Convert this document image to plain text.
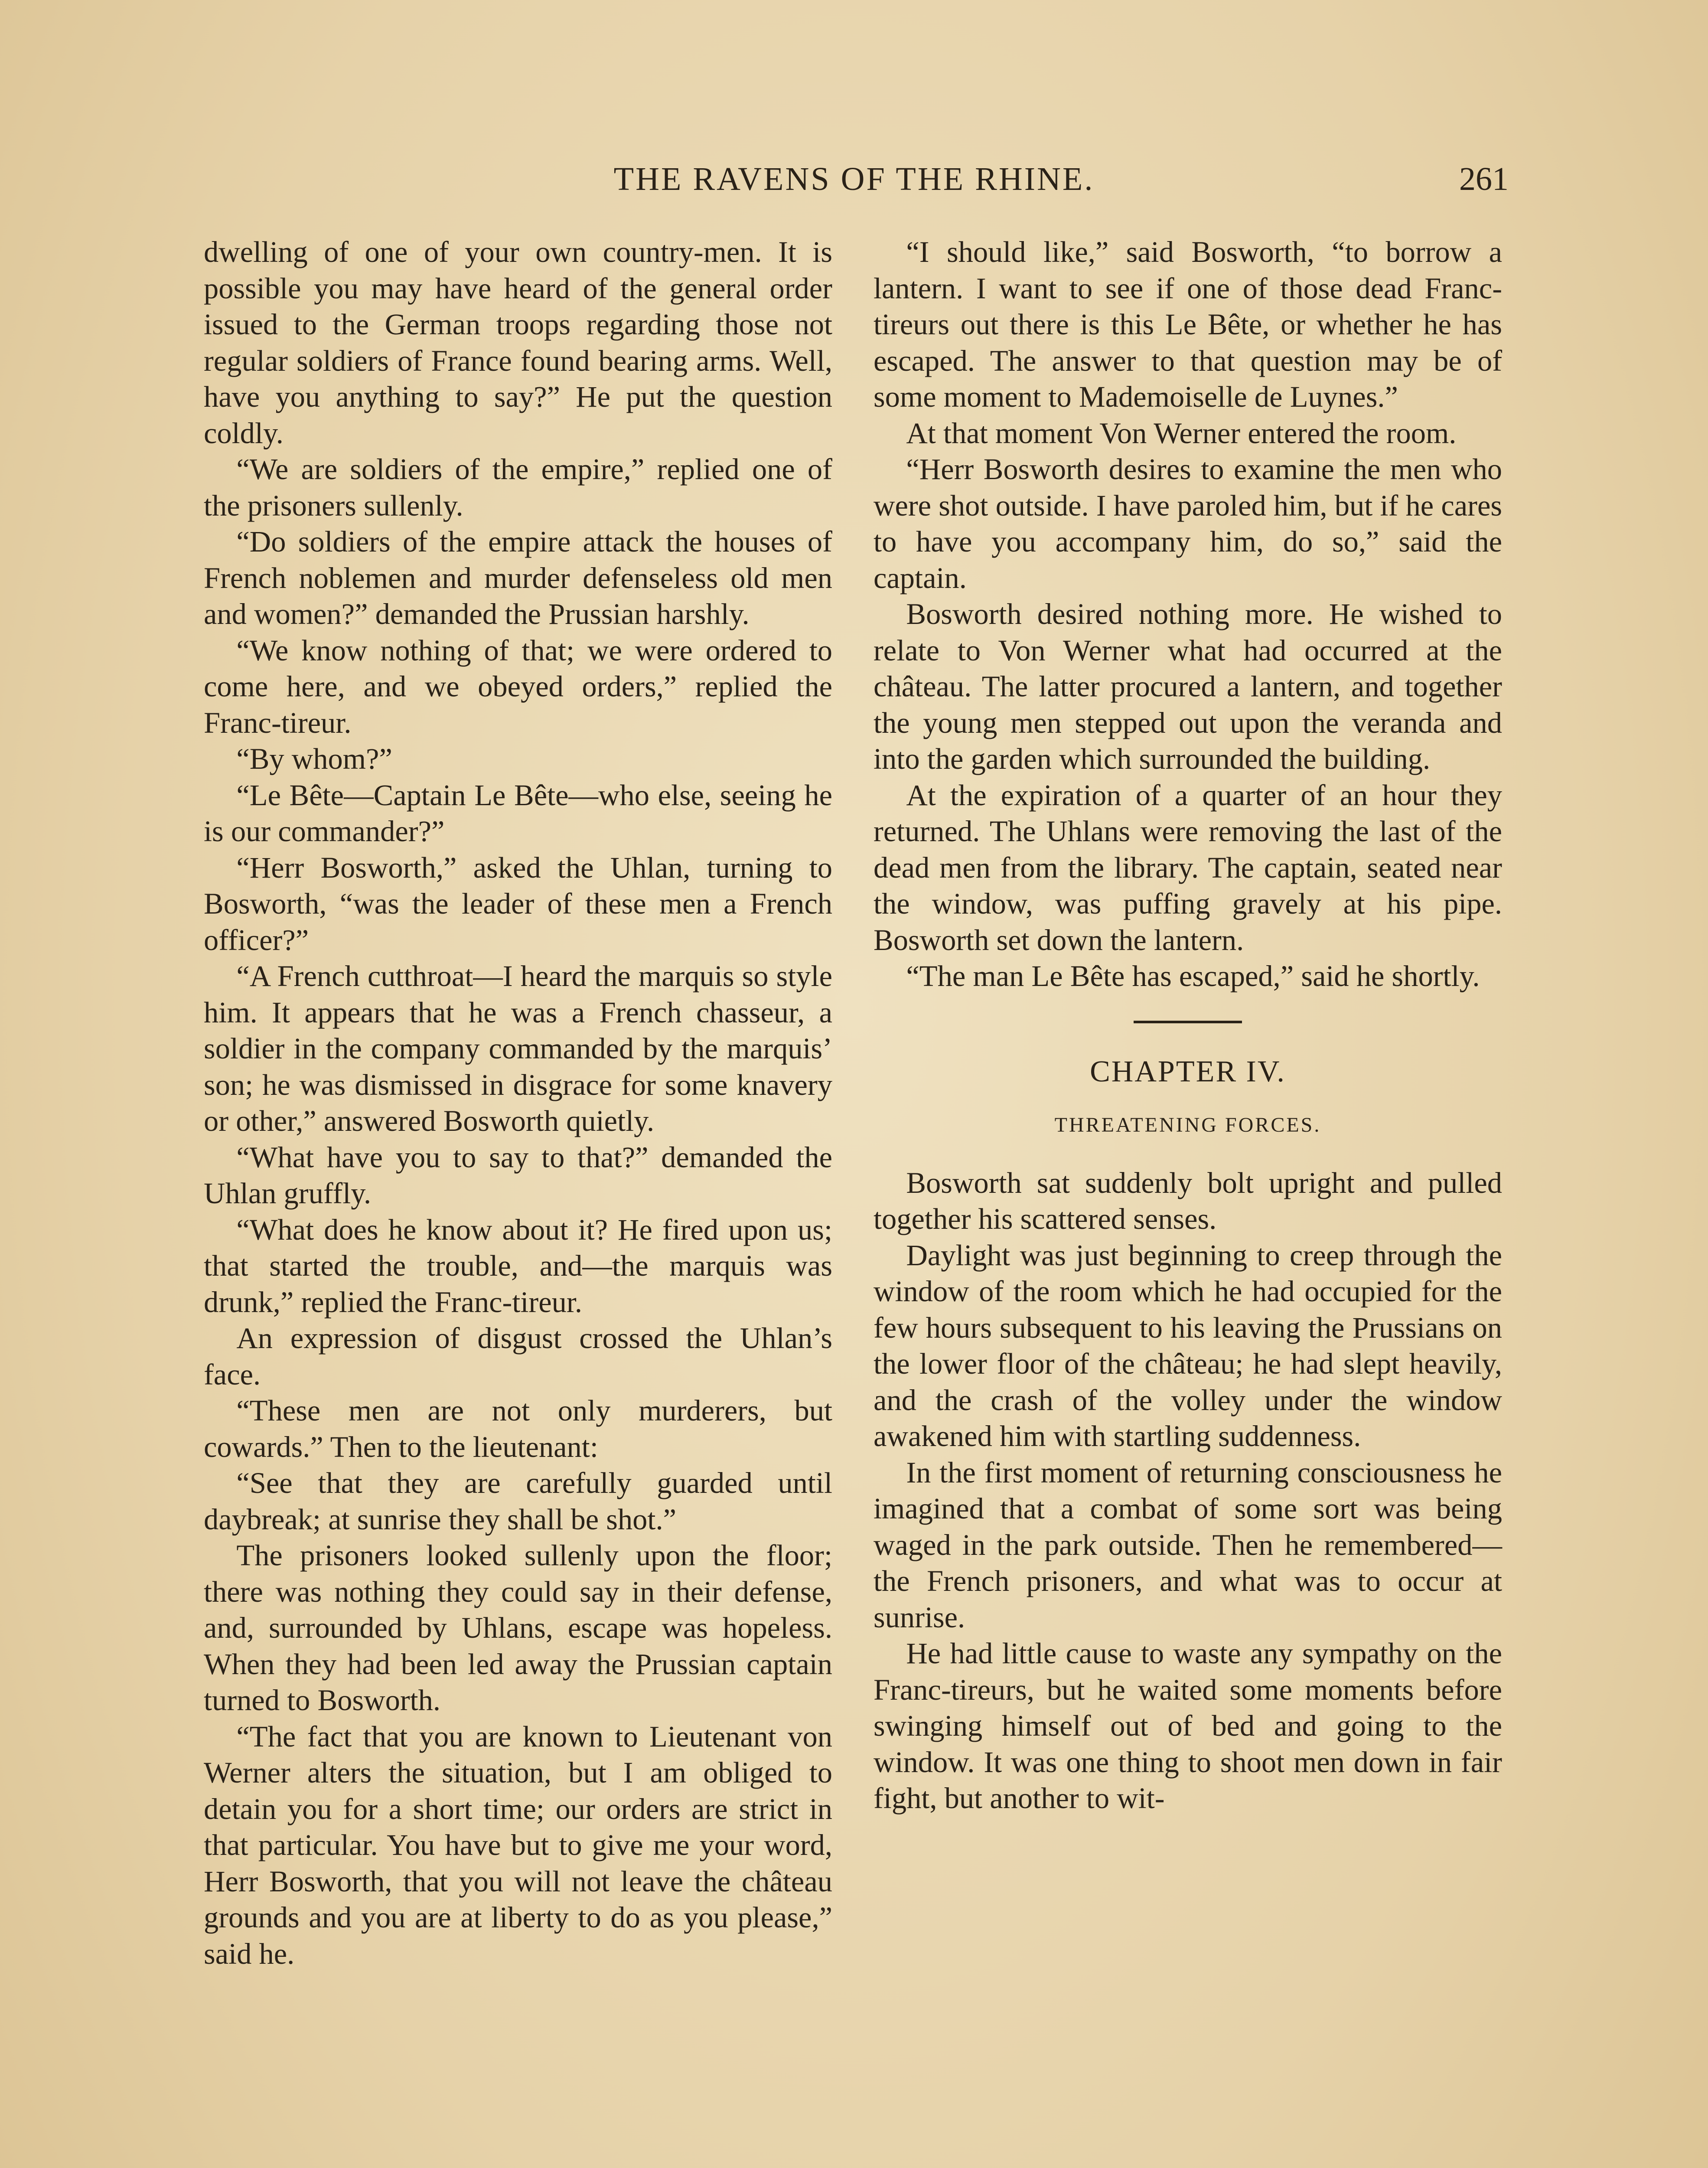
THE RAVENS OF THE RHINE.	261

dwelling of one of your own country-men. It is possible you may have heard of the general order issued to the German troops regarding those not regular soldiers of France found bearing arms. Well, have you anything to say?” He put the question coldly.

“We are soldiers of the empire,” replied one of the prisoners sullenly.

“Do soldiers of the empire attack the houses of French noblemen and murder defenseless old men and women?” demanded the Prussian harshly.

“We know nothing of that; we were ordered to come here, and we obeyed orders,” replied the Franc-tireur.

“By whom?”

“Le Bête—Captain Le Bête—who else, seeing he is our commander?”

“Herr Bosworth,” asked the Uhlan, turning to Bosworth, “was the leader of these men a French officer?”

“A French cutthroat—I heard the marquis so style him. It appears that he was a French chasseur, a soldier in the company commanded by the marquis’ son; he was dismissed in disgrace for some knavery or other,” answered Bosworth quietly.

“What have you to say to that?” demanded the Uhlan gruffly.

“What does he know about it? He fired upon us; that started the trouble, and—the marquis was drunk,” replied the Franc-tireur.

An expression of disgust crossed the Uhlan’s face.

“These men are not only murderers, but cowards.” Then to the lieutenant:

“See that they are carefully guarded until daybreak; at sunrise they shall be shot.”

The prisoners looked sullenly upon the floor; there was nothing they could say in their defense, and, surrounded by Uhlans, escape was hopeless. When they had been led away the Prussian captain turned to Bosworth.

“The fact that you are known to Lieutenant von Werner alters the situation, but I am obliged to detain you for a short time; our orders are strict in that particular. You have but to give me your word, Herr Bosworth, that you will not leave the château grounds and you are at liberty to do as you please,” said he.

“I should like,” said Bosworth, “to borrow a lantern. I want to see if one of those dead Franc-tireurs out there is this Le Bête, or whether he has escaped. The answer to that question may be of some moment to Mademoiselle de Luynes.”

At that moment Von Werner entered the room.

“Herr Bosworth desires to examine the men who were shot outside. I have paroled him, but if he cares to have you accompany him, do so,” said the captain.

Bosworth desired nothing more. He wished to relate to Von Werner what had occurred at the château. The latter procured a lantern, and together the young men stepped out upon the veranda and into the garden which surrounded the building.

At the expiration of a quarter of an hour they returned. The Uhlans were removing the last of the dead men from the library. The captain, seated near the window, was puffing gravely at his pipe. Bosworth set down the lantern.

“The man Le Bête has escaped,” said he shortly.

CHAPTER IV.
THREATENING FORCES.

Bosworth sat suddenly bolt upright and pulled together his scattered senses.

Daylight was just beginning to creep through the window of the room which he had occupied for the few hours subsequent to his leaving the Prussians on the lower floor of the château; he had slept heavily, and the crash of the volley under the window awakened him with startling suddenness.

In the first moment of returning consciousness he imagined that a combat of some sort was being waged in the park outside. Then he remembered—the French prisoners, and what was to occur at sunrise.

He had little cause to waste any sympathy on the Franc-tireurs, but he waited some moments before swinging himself out of bed and going to the window. It was one thing to shoot men down in fair fight, but another to wit-
